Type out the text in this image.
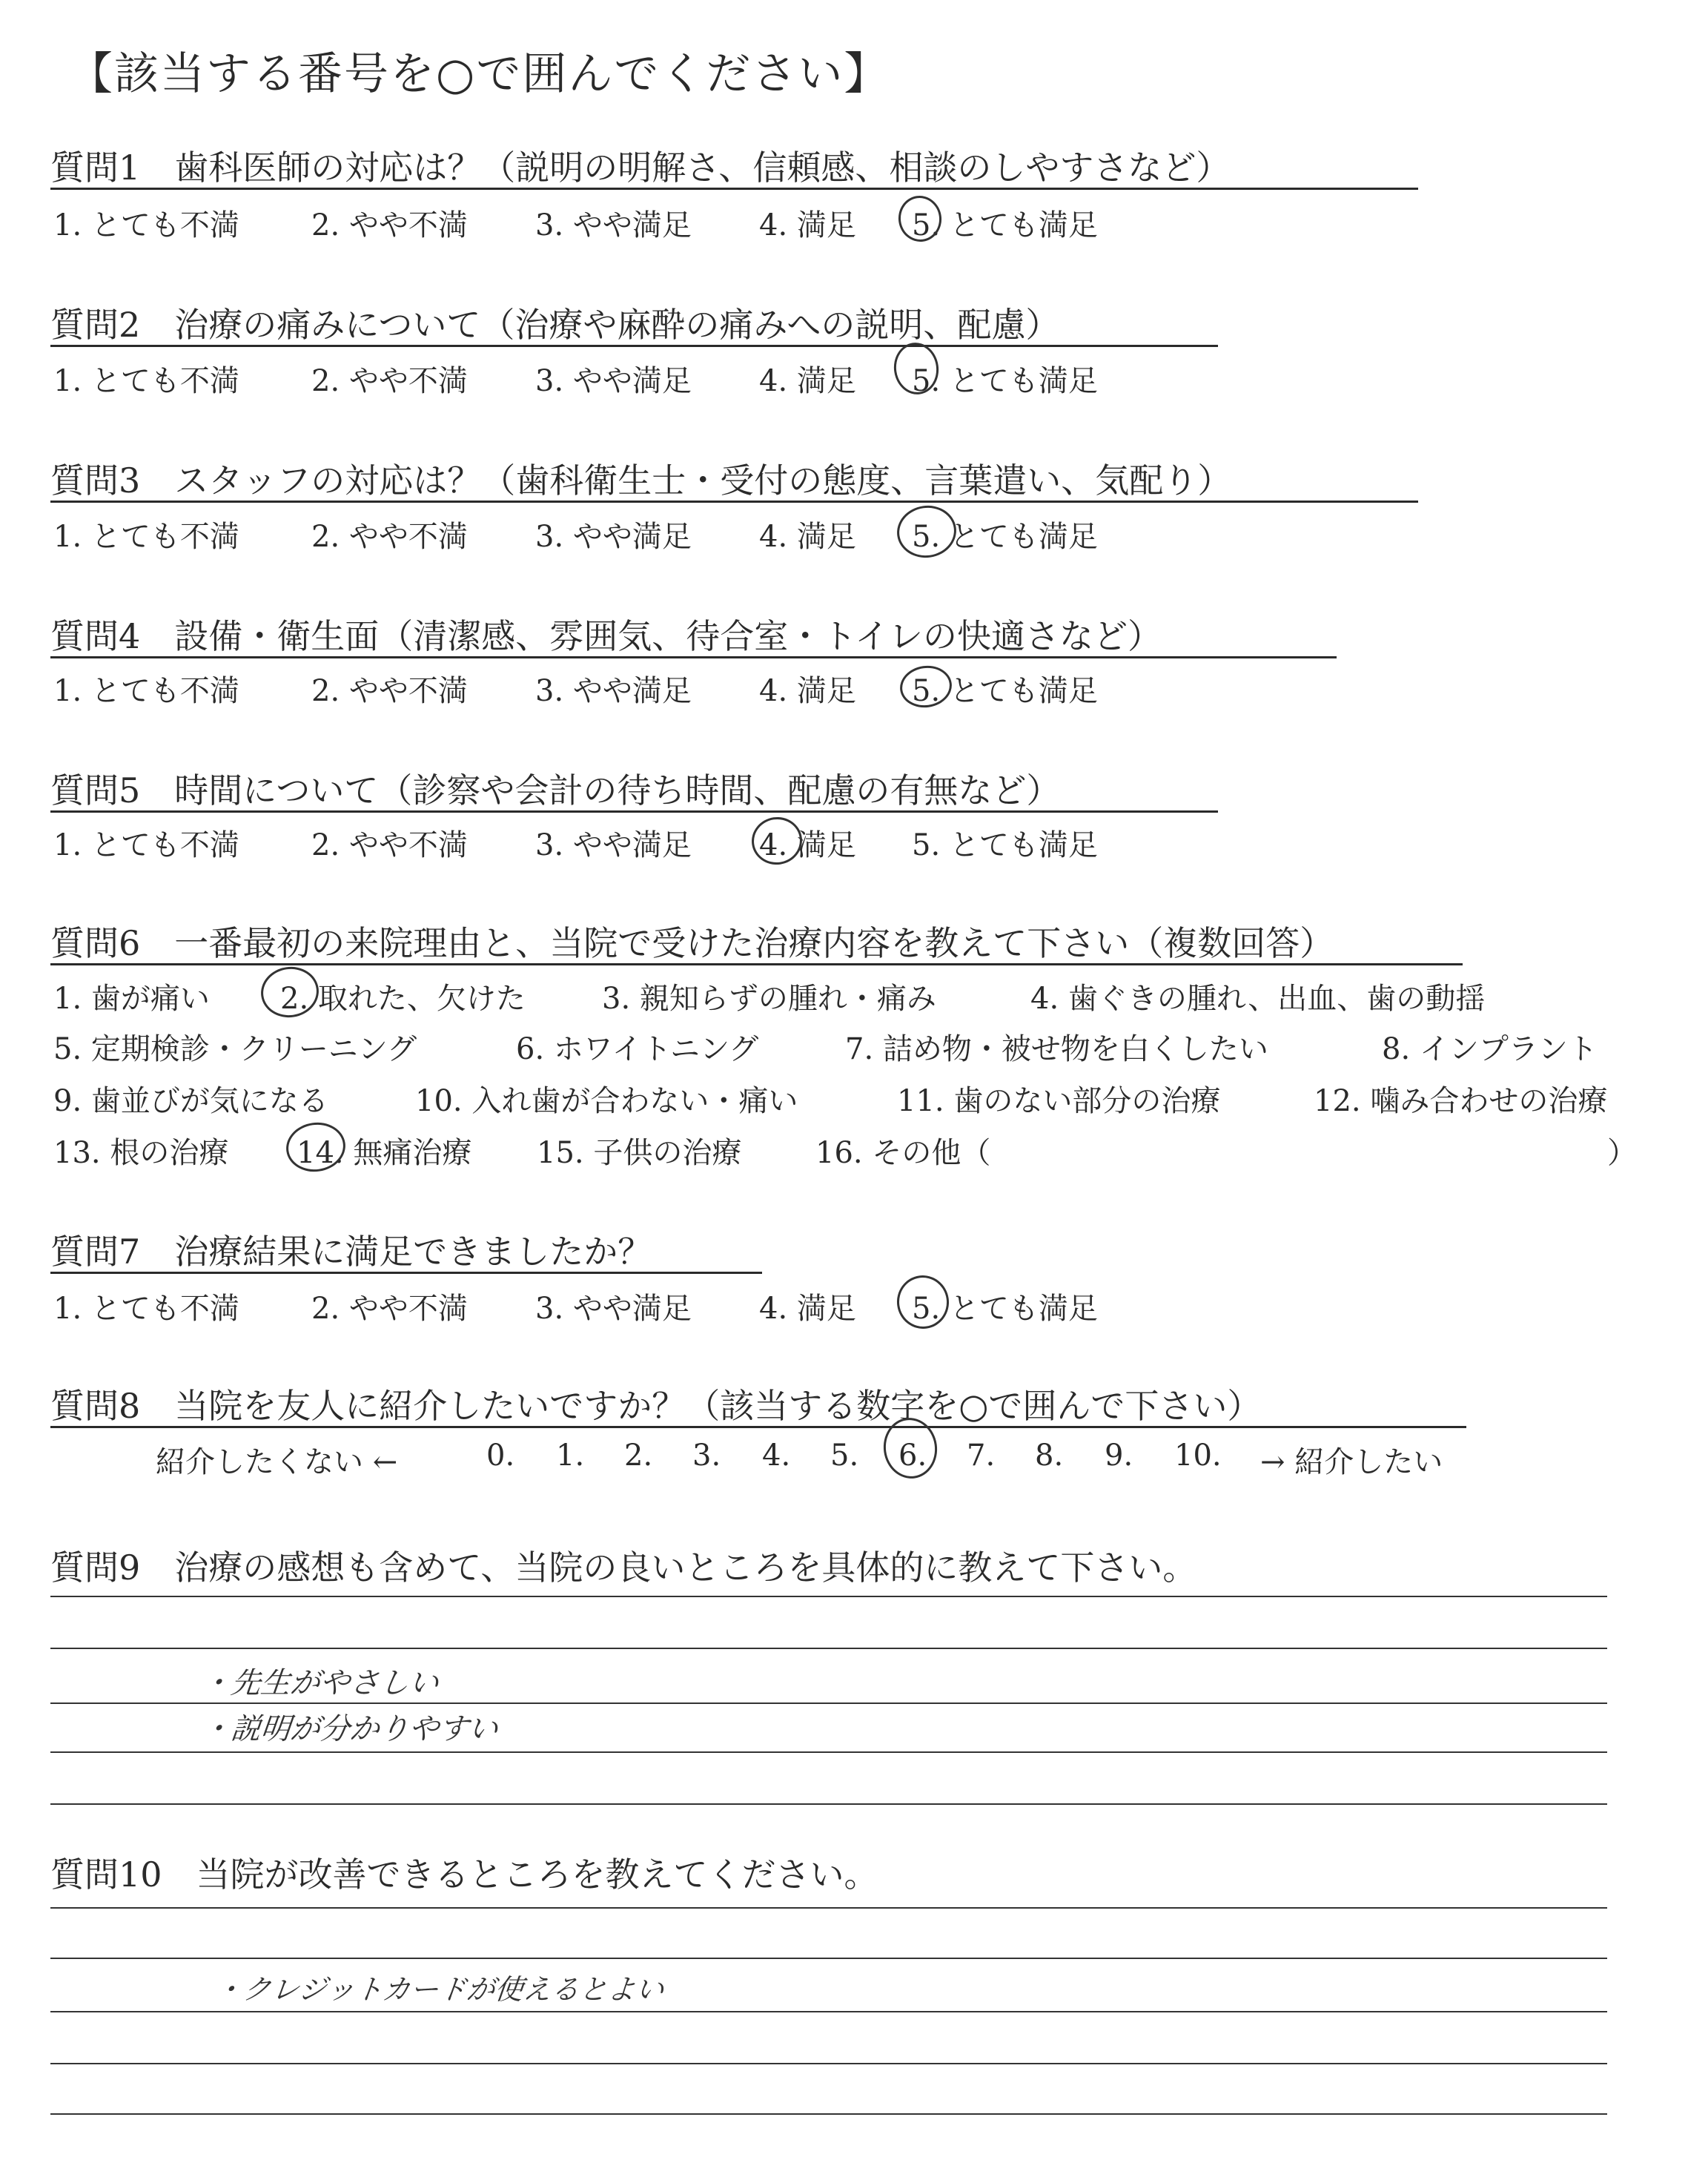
【該当する番号を○で囲んでください】
質問1　歯科医師の対応は？（説明の明解さ、信頼感、相談のしやすさなど）
1. とても不満 2. やや不満 3. やや満足 4. 満足 5. とても満足
質問2　治療の痛みについて（治療や麻酔の痛みへの説明、配慮）
1. とても不満 2. やや不満 3. やや満足 4. 満足 5. とても満足
質問3　スタッフの対応は？（歯科衛生士・受付の態度、言葉遣い、気配り）
1. とても不満 2. やや不満 3. やや満足 4. 満足 5. とても満足
質問4　設備・衛生面（清潔感、雰囲気、待合室・トイレの快適さなど）
1. とても不満 2. やや不満 3. やや満足 4. 満足 5. とても満足
質問5　時間について（診察や会計の待ち時間、配慮の有無など）
1. とても不満 2. やや不満 3. やや満足 4. 満足 5. とても満足
質問6　一番最初の来院理由と、当院で受けた治療内容を教えて下さい（複数回答）
1. 歯が痛い 2. 取れた、欠けた	3. 親知らずの腫れ・痛み	4. 歯ぐきの腫れ、出血、歯の動揺
5. 定期検診・クリーニング	6. ホワイトニング	7. 詰め物・被せ物を白くしたい	8. インプラント
9. 歯並びが気になる	10. 入れ歯が合わない・痛い	11. 歯のない部分の治療	12. 噛み合わせの治療
13. 根の治療 14. 無痛治療 15. 子供の治療 16. その他（	）
質問7　治療結果に満足できましたか？
1. とても不満 2. やや不満 3. やや満足 4. 満足 5. とても満足
質問8　当院を友人に紹介したいですか？（該当する数字を○で囲んで下さい）
紹介したくない ←	0. 1. 2. 3. 4. 5. 6. 7. 8. 9. 10. → 紹介したい
質問9　治療の感想も含めて、当院の良いところを具体的に教えて下さい。
・先生がやさしい
・説明が分かりやすい
質問10　当院が改善できるところを教えてください。
・クレジットカードが使えるとよい
